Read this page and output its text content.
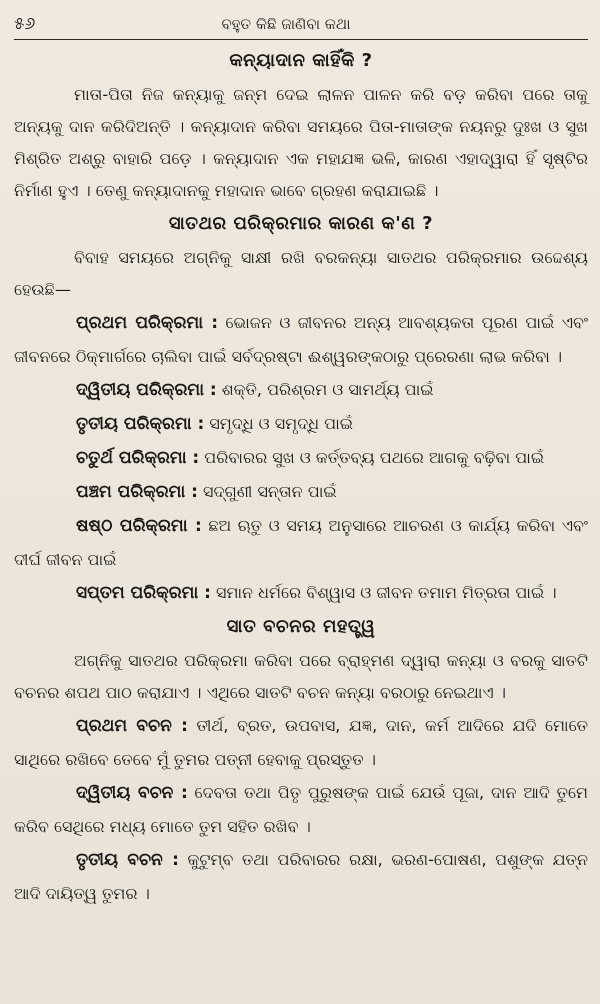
୫୬	ବହୁତ କିଛି ଜାଣିବା କଥା
କନ୍ୟାଦାନ କାହିଁକି ?

ମାତା-ପିତା ନିଜ କନ୍ୟାକୁ ଜନ୍ମ ଦେଇ ଲାଳନ ପାଳନ କରି ବଡ଼ କରିବା ପରେ ତାକୁ ଅନ୍ୟକୁ ଦାନ କରିଦିଅନ୍ତି । କନ୍ୟାଦାନ କରିବା ସମୟରେ ପିତା-ମାତାଙ୍କ ନୟନରୁ ଦୁଃଖ ଓ ସୁଖ ମିଶ୍ରିତ ଅଶ୍ରୁ ବାହାରି ପଡ଼େ । କନ୍ୟାଦାନ ଏକ ମହାଯଜ୍ଞ ଭଳି, କାରଣ ଏହାଦ୍ୱାରା ହିଁ ସୃଷ୍ଟିର ନିର୍ମାଣ ହୁଏ । ତେଣୁ କନ୍ୟାଦାନକୁ ମହାଦାନ ଭାବେ ଗ୍ରହଣ କରାଯାଇଛି ।

ସାତଥର ପରିକ୍ରମାର କାରଣ କ'ଣ ?

ବିବାହ ସମୟରେ ଅଗ୍ନିକୁ ସାକ୍ଷୀ ରଖି ବରକନ୍ୟା ସାତଥର ପରିକ୍ରମାର ଉଦ୍ଦେଶ୍ୟ ହେଉଛି—

ପ୍ରଥମ ପରିକ୍ରମା : ଭୋଜନ ଓ ଜୀବନର ଅନ୍ୟ ଆବଶ୍ୟକତା ପୂରଣ ପାଇଁ ଏବଂ ଜୀବନରେ ଠିକ୍‌ମାର୍ଗରେ ଚାଲିବା ପାଇଁ ସର୍ବଦ୍ରଷ୍ଟା ଈଶ୍ୱରଙ୍କଠାରୁ ପ୍ରେରଣା ଲାଭ କରିବା ।

ଦ୍ୱିତୀୟ ପରିକ୍ରମା : ଶକ୍ତି, ପରିଶ୍ରମ ଓ ସାମର୍ଥ୍ୟ ପାଇଁ

ତୃତୀୟ ପରିକ୍ରମା : ସମୃଦ୍ଧି ଓ ସମୃଦ୍ଧି ପାଇଁ

ଚତୁର୍ଥ ପରିକ୍ରମା : ପରିବାରର ସୁଖ ଓ କର୍ତ୍ତବ୍ୟ ପଥରେ ଆଗକୁ ବଢ଼ିବା ପାଇଁ

ପଞ୍ଚମ ପରିକ୍ରମା : ସଦ୍‌ଗୁଣୀ ସନ୍ତାନ ପାଇଁ

ଷଷ୍ଠ ପରିକ୍ରମା : ଛଅ ଋତୁ ଓ ସମୟ ଅନୁସାରେ ଆଚରଣ ଓ କାର୍ଯ୍ୟ କରିବା ଏବଂ ଦୀର୍ଘ ଜୀବନ ପାଇଁ

ସପ୍ତମ ପରିକ୍ରମା : ସମାନ ଧର୍ମରେ ବିଶ୍ୱାସ ଓ ଜୀବନ ତମାମ ମିତ୍ରତା ପାଇଁ ।

ସାତ ବଚନର ମହତ୍ତ୍ୱ

ଅଗ୍ନିକୁ ସାତଥର ପରିକ୍ରମା କରିବା ପରେ ବ୍ରାହ୍ମଣ ଦ୍ୱାରା କନ୍ୟା ଓ ବରକୁ ସାତଟି ବଚନର ଶପଥ ପାଠ କରାଯାଏ । ଏଥିରେ ସାତଟି ବଚନ କନ୍ୟା ବରଠାରୁ ନେଇଥାଏ ।

ପ୍ରଥମ ବଚନ : ତୀର୍ଥ, ବ୍ରତ, ଉପବାସ, ଯଜ୍ଞ, ଦାନ, କର୍ମ ଆଦିରେ ଯଦି ମୋତେ ସାଥିରେ ରଖିବେ ତେବେ ମୁଁ ତୁମର ପତ୍ନୀ ହେବାକୁ ପ୍ରସ୍ତୁତ ।

ଦ୍ୱିତୀୟ ବଚନ : ଦେବତା ତଥା ପିତୃ ପୁରୁଷଙ୍କ ପାଇଁ ଯେଉଁ ପୂଜା, ଦାନ ଆଦି ତୁମେ କରିବ ସେଥିରେ ମଧ୍ୟ ମୋତେ ତୁମ ସହିତ ରଖିବ ।

ତୃତୀୟ ବଚନ : କୁଟୁମ୍ବ ତଥା ପରିବାରର ରକ୍ଷା, ଭରଣ-ପୋଷଣ, ପଶୁଙ୍କ ଯତ୍ନ ଆଦି ଦାୟିତ୍ୱ ତୁମର ।
